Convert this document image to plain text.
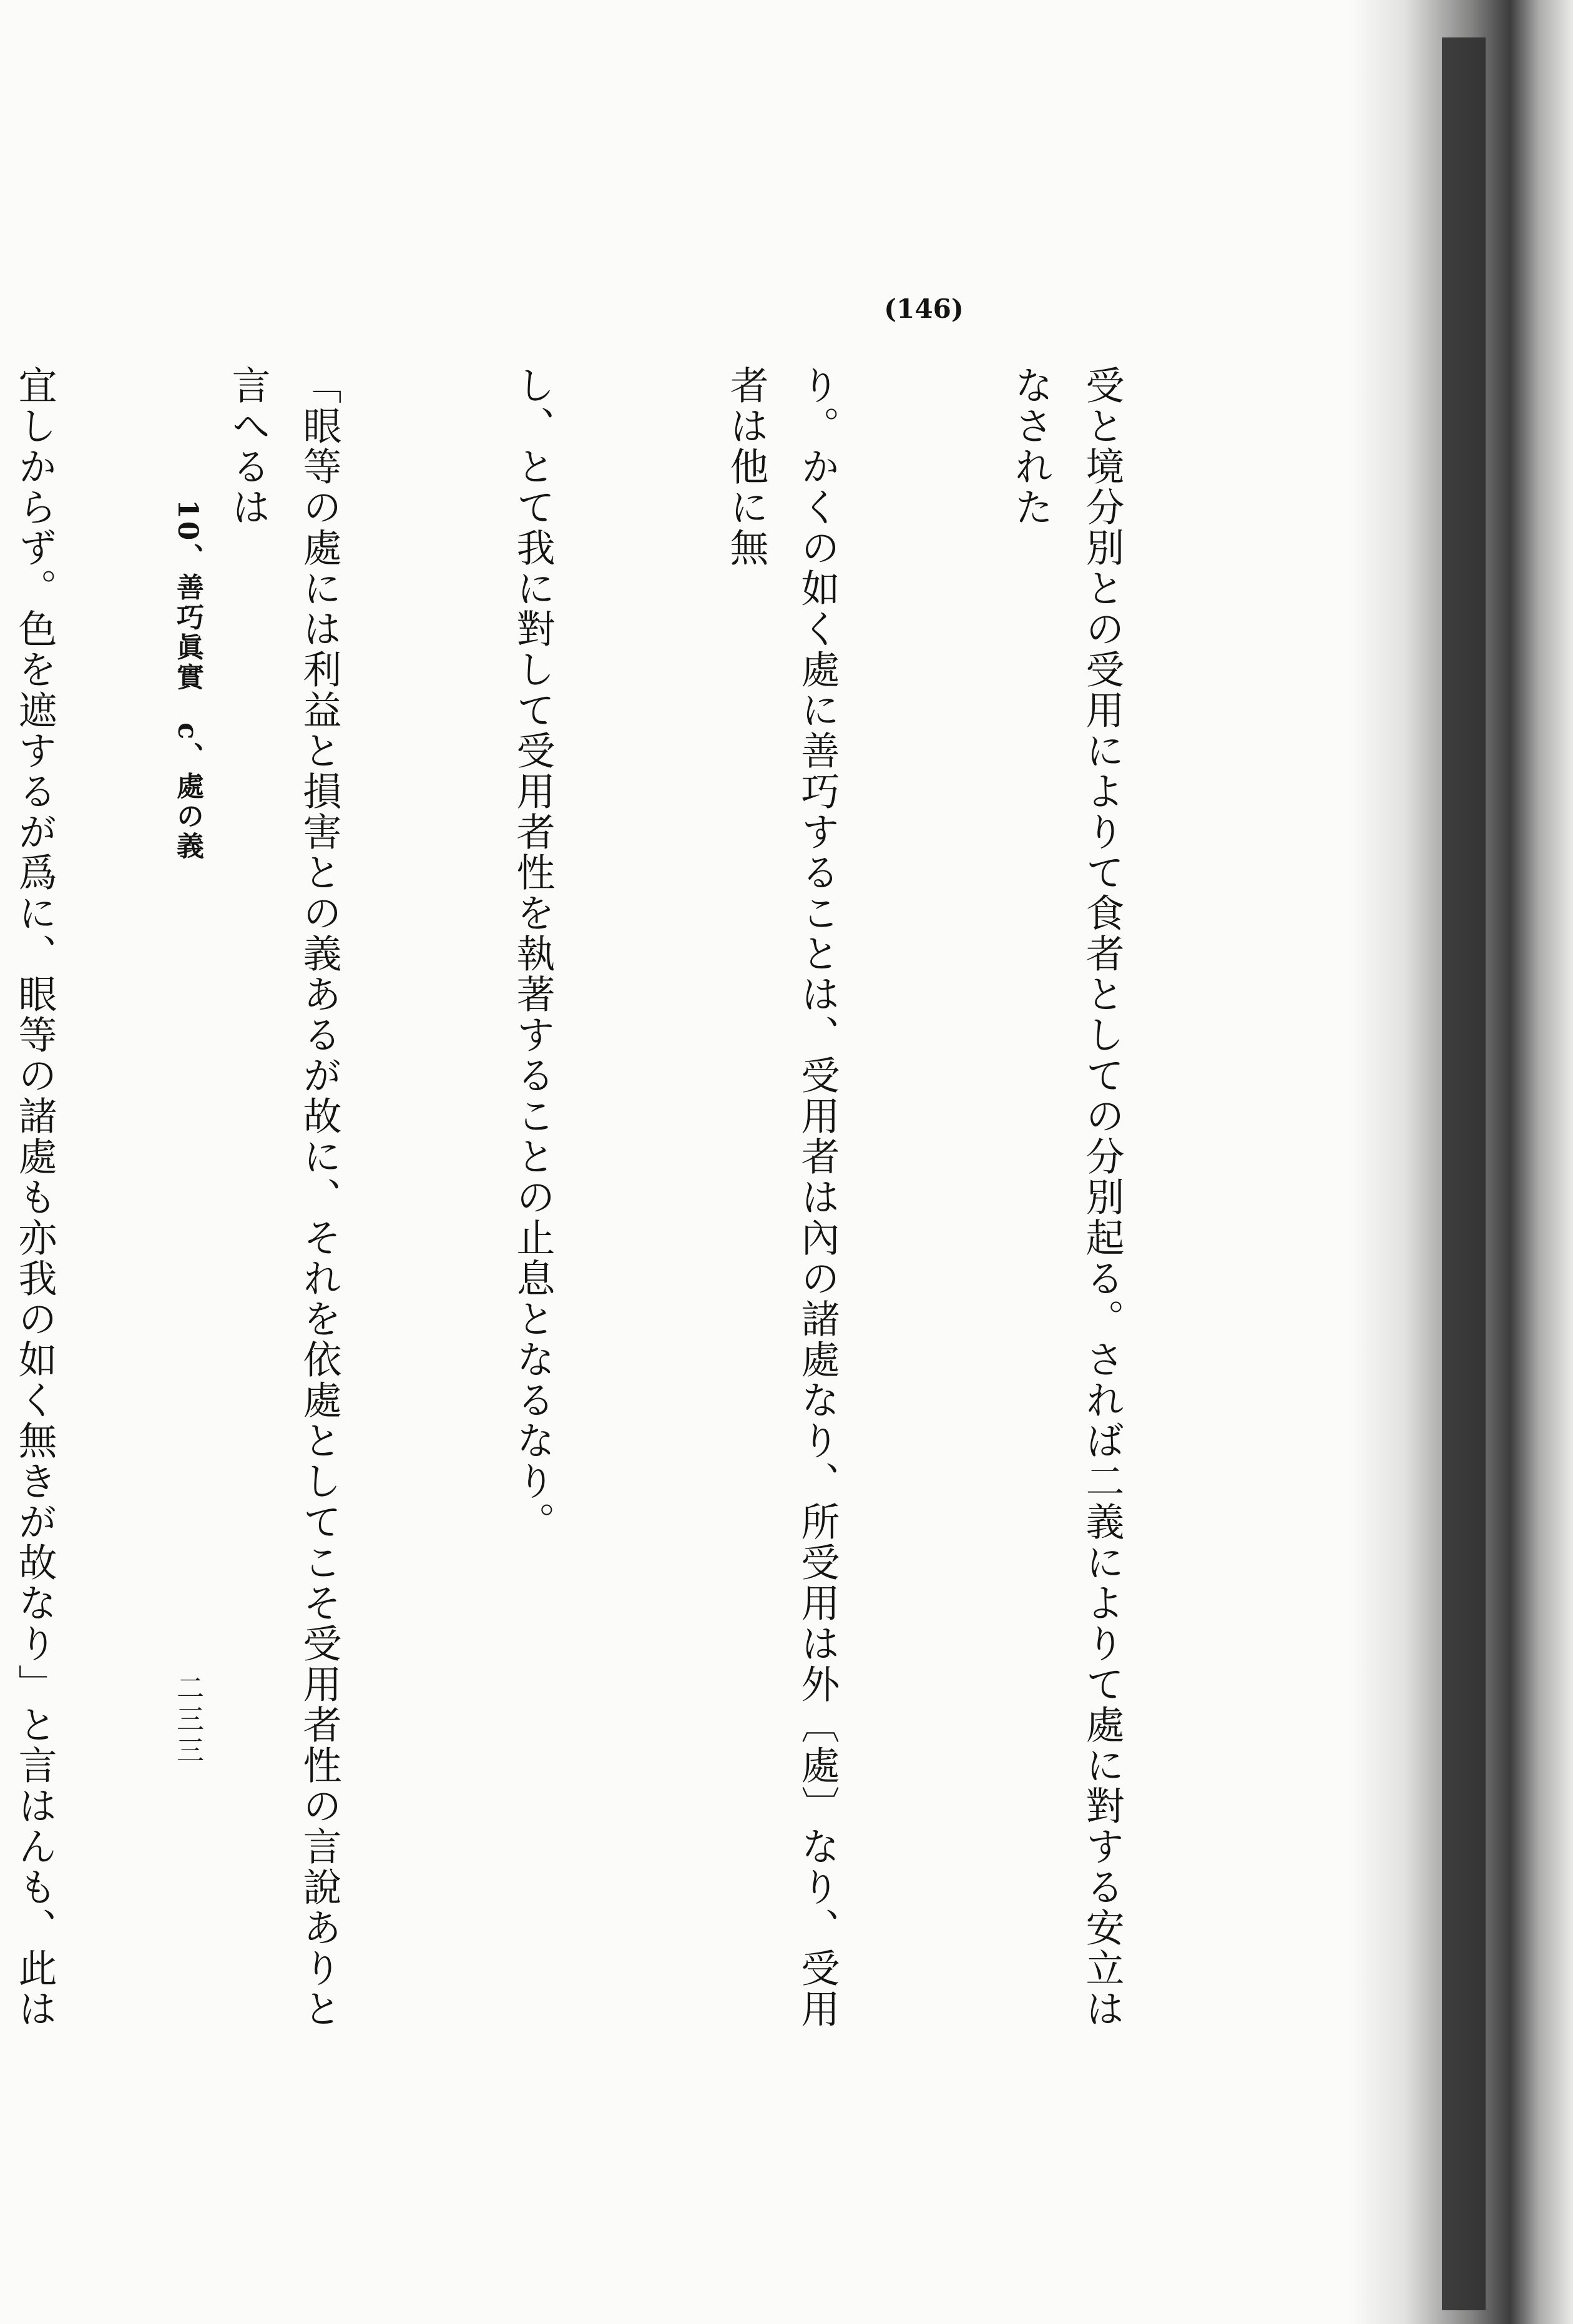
(146)

受と境分別との受用によりて食者としての分別起る。されば二義によりて處に對する安立はなされた

り。かくの如く處に善巧することは、受用者は內の諸處なり、所受用は外〔處〕なり、受用者は他に無

し、とて我に對して受用者性を執著することの止息となるなり。

「眼等の處には利益と損害との義あるが故に、それを依處としてこそ受用者性の言說ありと言へるは

宜しからず。色を遮するが爲に、眼等の諸處も亦我の如く無きが故なり」と言はんも、此は

10、善巧眞實　c、處の義
二三三
